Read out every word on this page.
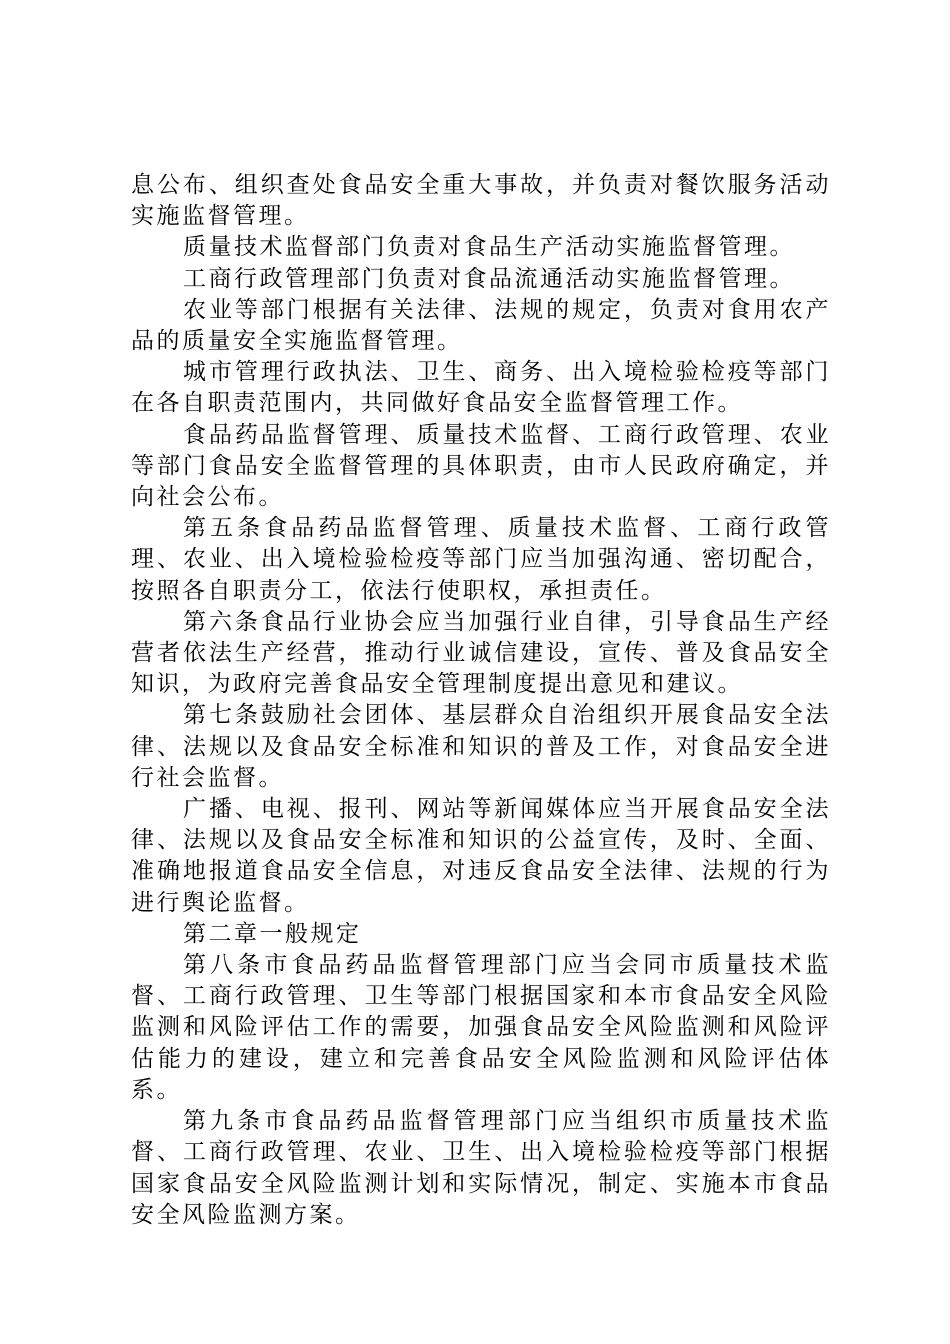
息公布、组织查处食品安全重大事故，并负责对餐饮服务活动实施监督管理。

质量技术监督部门负责对食品生产活动实施监督管理。

工商行政管理部门负责对食品流通活动实施监督管理。

农业等部门根据有关法律、法规的规定，负责对食用农产品的质量安全实施监督管理。

城市管理行政执法、卫生、商务、出入境检验检疫等部门在各自职责范围内，共同做好食品安全监督管理工作。

食品药品监督管理、质量技术监督、工商行政管理、农业等部门食品安全监督管理的具体职责，由市人民政府确定，并向社会公布。

第五条食品药品监督管理、质量技术监督、工商行政管理、农业、出入境检验检疫等部门应当加强沟通、密切配合，按照各自职责分工，依法行使职权，承担责任。

第六条食品行业协会应当加强行业自律，引导食品生产经营者依法生产经营，推动行业诚信建设，宣传、普及食品安全知识，为政府完善食品安全管理制度提出意见和建议。

第七条鼓励社会团体、基层群众自治组织开展食品安全法律、法规以及食品安全标准和知识的普及工作，对食品安全进行社会监督。

广播、电视、报刊、网站等新闻媒体应当开展食品安全法律、法规以及食品安全标准和知识的公益宣传，及时、全面、准确地报道食品安全信息，对违反食品安全法律、法规的行为进行舆论监督。

第二章一般规定

第八条市食品药品监督管理部门应当会同市质量技术监督、工商行政管理、卫生等部门根据国家和本市食品安全风险监测和风险评估工作的需要，加强食品安全风险监测和风险评估能力的建设，建立和完善食品安全风险监测和风险评估体系。

第九条市食品药品监督管理部门应当组织市质量技术监督、工商行政管理、农业、卫生、出入境检验检疫等部门根据国家食品安全风险监测计划和实际情况，制定、实施本市食品安全风险监测方案。
